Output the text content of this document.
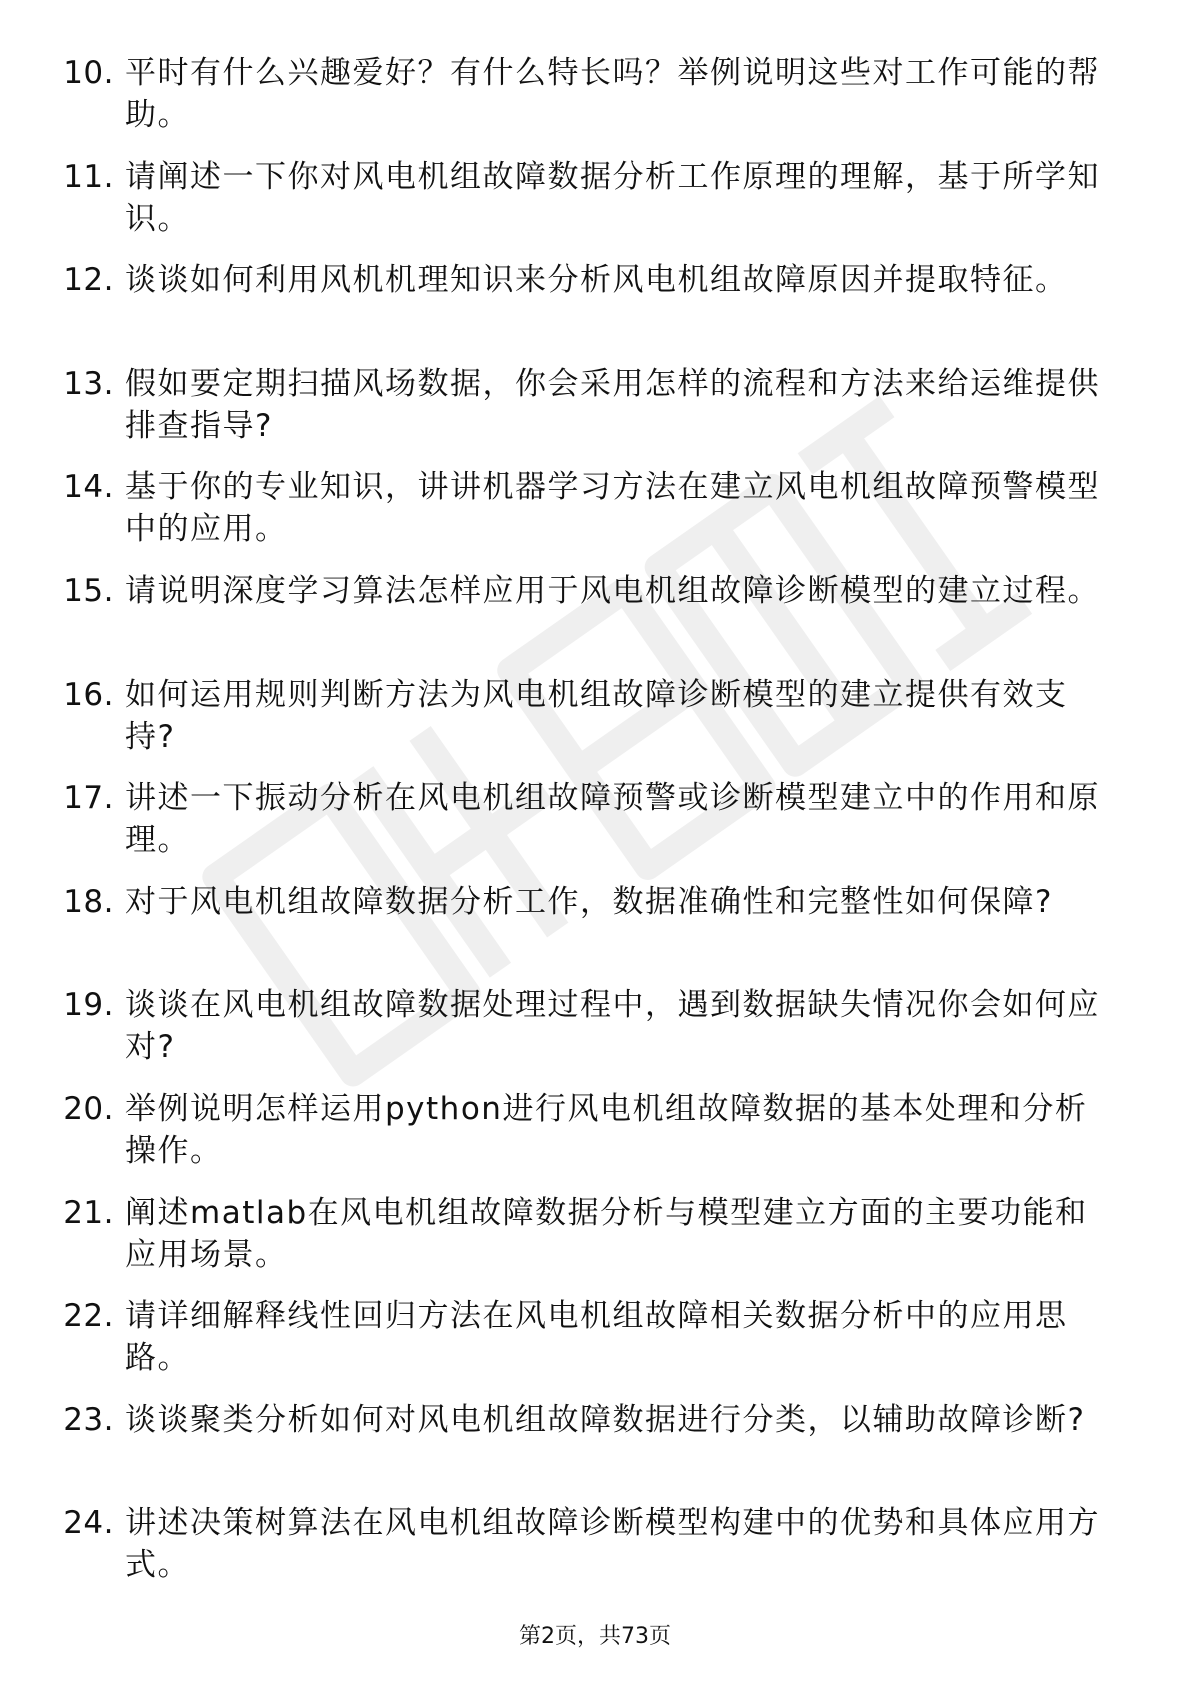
10. 平时有什么兴趣爱好？有什么特长吗？举例说明这些对工作可能的帮助。
11. 请阐述一下你对风电机组故障数据分析工作原理的理解，基于所学知识。
12. 谈谈如何利用风机机理知识来分析风电机组故障原因并提取特征。
13. 假如要定期扫描风场数据，你会采用怎样的流程和方法来给运维提供排查指导?
14. 基于你的专业知识，讲讲机器学习方法在建立风电机组故障预警模型中的应用。
15. 请说明深度学习算法怎样应用于风电机组故障诊断模型的建立过程。
16. 如何运用规则判断方法为风电机组故障诊断模型的建立提供有效支持?
17. 讲述一下振动分析在风电机组故障预警或诊断模型建立中的作用和原理。
18. 对于风电机组故障数据分析工作，数据准确性和完整性如何保障?
19. 谈谈在风电机组故障数据处理过程中，遇到数据缺失情况你会如何应对?
20. 举例说明怎样运用python进行风电机组故障数据的基本处理和分析操作。
21. 阐述matlab在风电机组故障数据分析与模型建立方面的主要功能和应用场景。
22. 请详细解释线性回归方法在风电机组故障相关数据分析中的应用思路。
23. 谈谈聚类分析如何对风电机组故障数据进行分类，以辅助故障诊断?
24. 讲述决策树算法在风电机组故障诊断模型构建中的优势和具体应用方式。
第2页，共73页
